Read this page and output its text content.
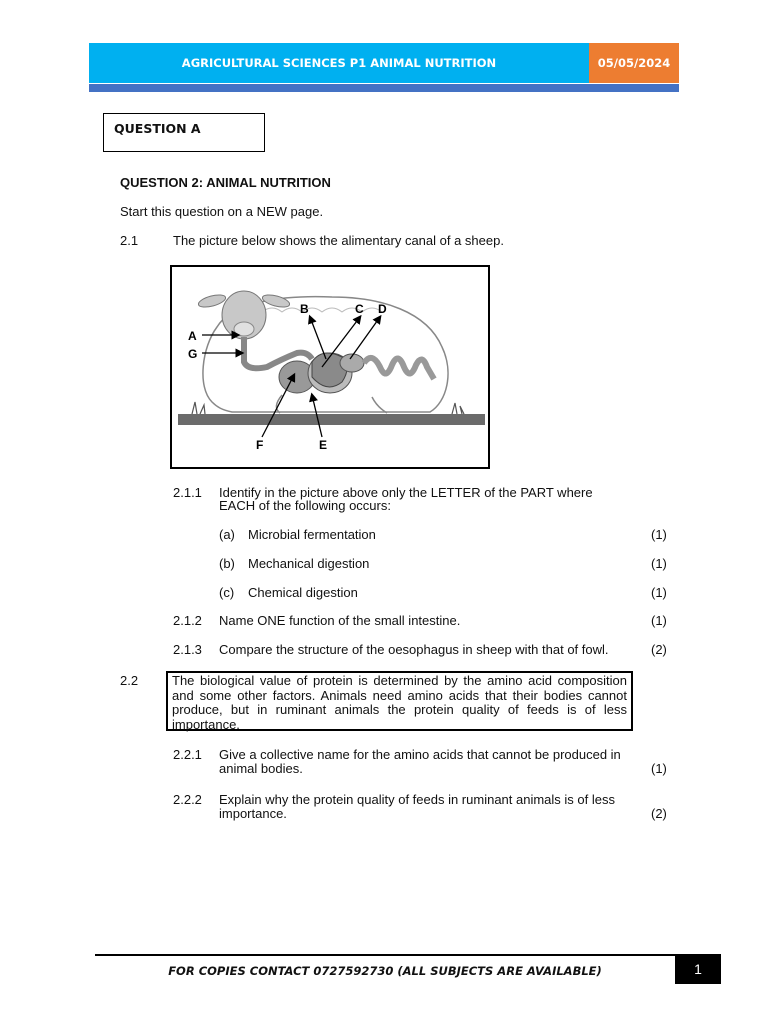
AGRICULTURAL SCIENCES P1 ANIMAL NUTRITION	05/05/2024
QUESTION A
QUESTION 2: ANIMAL NUTRITION
Start this question on a NEW page.
2.1	The picture below shows the alimentary canal of a sheep.
A
G
B	C D
F	E
2.1.1 Identify in the picture above only the LETTER of the PART where
EACH of the following occurs:
(a) Microbial fermentation	(1)
(b) Mechanical digestion	(1)
(c) Chemical digestion	(1)
2.1.2 Name ONE function of the small intestine.	(1)
2.1.3 Compare the structure of the oesophagus in sheep with that of fowl.	(2)
2.2	The biological value of protein is determined by the amino acid composition and some other factors. Animals need amino acids that their bodies cannot produce, but in ruminant animals the protein quality of feeds is of less importance.
2.2.1 Give a collective name for the amino acids that cannot be produced in
animal bodies.	(1)
2.2.2 Explain why the protein quality of feeds in ruminant animals is of less
importance.	(2)
FOR COPIES CONTACT 0727592730 (ALL SUBJECTS ARE AVAILABLE)	1
